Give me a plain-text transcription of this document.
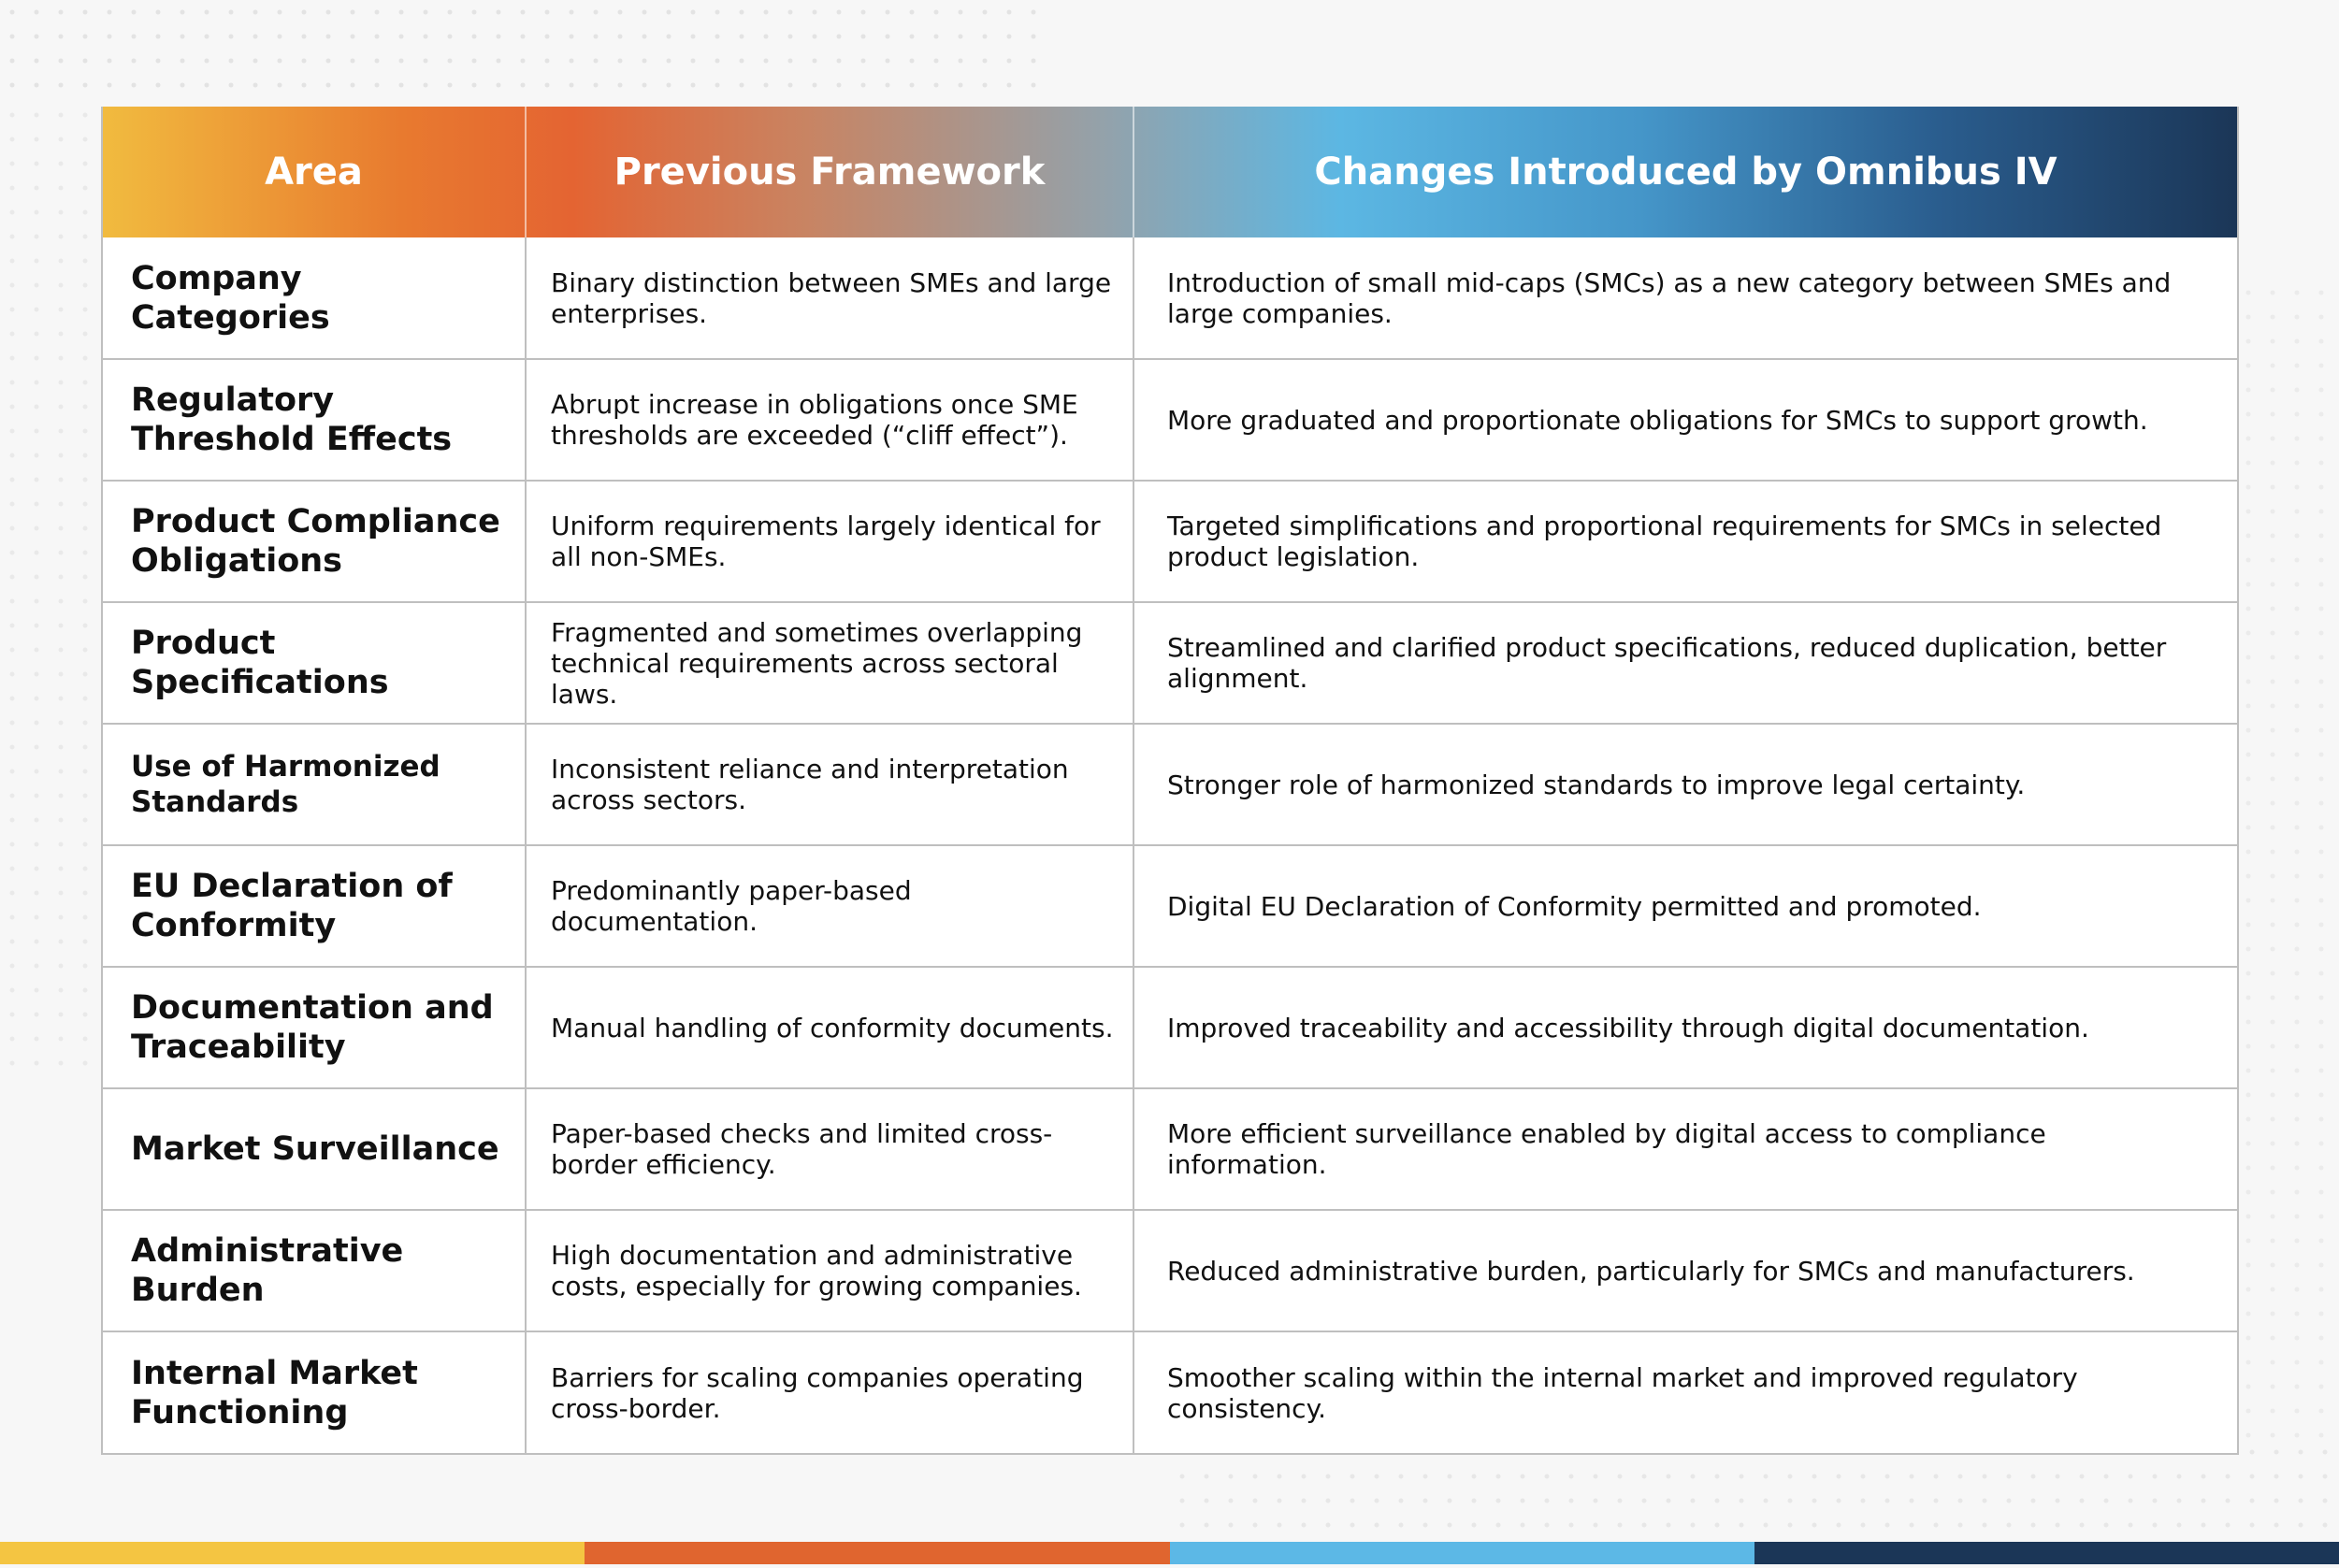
Area	Previous Framework	Changes Introduced by Omnibus IV
Company Categories	Binary distinction between SMEs and large enterprises.	Introduction of small mid-caps (SMCs) as a new category between SMEs and large companies.
Regulatory Threshold Effects	Abrupt increase in obligations once SME thresholds are exceeded (“cliff effect”).	More graduated and proportionate obligations for SMCs to support growth.
Product Compliance Obligations	Uniform requirements largely identical for all non-SMEs.	Targeted simplifications and proportional requirements for SMCs in selected product legislation.
Product Specifications	Fragmented and sometimes overlapping technical requirements across sectoral laws.	Streamlined and clarified product specifications, reduced duplication, better alignment.
Use of Harmonized Standards	Inconsistent reliance and interpretation across sectors.	Stronger role of harmonized standards to improve legal certainty.
EU Declaration of Conformity	Predominantly paper-based documentation.	Digital EU Declaration of Conformity permitted and promoted.
Documentation and Traceability	Manual handling of conformity documents.	Improved traceability and accessibility through digital documentation.
Market Surveillance	Paper-based checks and limited cross-border efficiency.	More efficient surveillance enabled by digital access to compliance information.
Administrative Burden	High documentation and administrative costs, especially for growing companies.	Reduced administrative burden, particularly for SMCs and manufacturers.
Internal Market Functioning	Barriers for scaling companies operating cross-border.	Smoother scaling within the internal market and improved regulatory consistency.
